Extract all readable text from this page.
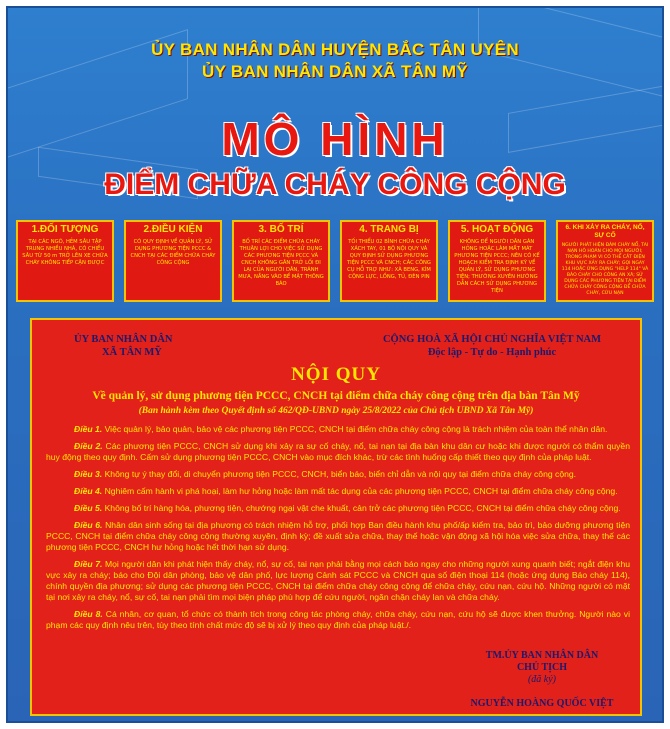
ỦY BAN NHÂN DÂN HUYỆN BẮC TÂN UYÊN
ỦY BAN NHÂN DÂN XÃ TÂN MỸ
MÔ HÌNH
ĐIỂM CHỮA CHÁY CÔNG CỘNG
1.ĐỐI TƯỢNG
TẠI CÁC NGÕ, HẺM SÂU TẬP TRUNG NHIỀU NHÀ, CÓ CHIỀU SÂU TỪ 50 m TRỞ LÊN XE CHỮA CHÁY KHÔNG TIẾP CẬN ĐƯỢC
2.ĐIỀU KIỆN
CÓ QUY ĐỊNH VỀ QUẢN LÝ, SỬ DỤNG PHƯƠNG TIỆN PCCC & CNCH TẠI CÁC ĐIỂM CHỮA CHÁY CÔNG CỘNG
3. BỐ TRÍ
BỐ TRÍ CÁC ĐIỂM CHỮA CHÁY THUẬN LỢI CHO VIỆC SỬ DỤNG CÁC PHƯƠNG TIỆN PCCC VÀ CNCH KHÔNG GÂN TRỞ LỐI ĐI LẠI CỦA NGƯỜI DÂN, TRÁNH MƯA, NẮNG VÀO BỂ MẶT THÔNG BÁO
4. TRANG BỊ
TỐI THIỂU 02 BÌNH CHỮA CHÁY XÁCH TAY, 01 BỘ NỘI QUY VÀ QUY ĐỊNH SỬ DỤNG PHƯƠNG TIỆN PCCC VÀ CNCH; CÁC CÔNG CỤ HỖ TRỢ NHƯ: XÀ BENG, KÌM CỘNG LỰC, LỒNG, TỦ, ĐÈN PIN
5. HOẠT ĐỘNG
KHÔNG ĐỂ NGƯỜI DÂN GÁN HỎNG HOẶC LÀM MẤT MÁT PHƯƠNG TIỆN PCCC; NÊN CÓ KẾ HOẠCH KIỂM TRA ĐỊNH KỲ VỀ QUẢN LÝ, SỬ DỤNG PHƯƠNG TIỆN; THƯỜNG XUYÊN HƯỚNG DẪN CÁCH SỬ DỤNG PHƯƠNG TIỆN
6. KHI XẢY RA CHÁY, NỔ, SỰ CỐ
NGƯỜI PHÁT HIỆN ĐÁM CHÁY NỔ, TAI NẠN HÔ HOÁN CHO MỌI NGƯỜI; TRONG PHẠM VI CÓ THỂ CẮT ĐIỆN KHU VỰC XẢY RA CHÁY; GỌI NGAY 114 HOẶC ỨNG DỤNG "HELP 114" VÀ BÁO CHÁY CHO CÔNG AN XÃ; SỬ DỤNG CÁC PHƯƠNG TIỆN TẠI ĐIỂM CHỮA CHÁY CÔNG CỘNG ĐỂ CHỮA CHÁY, CỨU NẠN
ỦY BAN NHÂN DÂN
XÃ TÂN MỸ
CỘNG HOÀ XÃ HỘI CHỦ NGHĨA VIỆT NAM
Độc lập - Tự do - Hạnh phúc
NỘI QUY
Về quản lý, sử dụng phương tiện PCCC, CNCH tại điểm chữa cháy công cộng trên địa bàn Tân Mỹ
(Ban hành kèm theo Quyết định số 462/QĐ-UBND ngày 25/8/2022 của Chủ tịch UBND Xã Tân Mỹ)

Điều 1. Việc quản lý, bảo quản, bảo vệ các phương tiện PCCC, CNCH tại điểm chữa cháy công cộng là trách nhiệm của toàn thể nhân dân.

Điều 2. Các phương tiện PCCC, CNCH sử dụng khi xảy ra sự cố cháy, nổ, tai nạn tại địa bàn khu dân cư hoặc khi được người có thẩm quyền huy động theo quy định. Cấm sử dụng phương tiện PCCC, CNCH vào mục đích khác, trừ các tình huống cấp thiết theo quy định của pháp luật.

Điều 3. Không tự ý thay đổi, di chuyển phương tiện PCCC, CNCH, biển báo, biển chỉ dẫn và nội quy tại điểm chữa cháy công cộng.

Điều 4. Nghiêm cấm hành vi phá hoại, làm hư hỏng hoặc làm mất tác dụng của các phương tiện PCCC, CNCH tại điểm chữa cháy công cộng.

Điều 5. Không bố trí hàng hóa, phương tiện, chướng ngại vật che khuất, cản trở các phương tiện PCCC, CNCH tại điểm chữa cháy công cộng.

Điều 6. Nhân dân sinh sống tại địa phương có trách nhiệm hỗ trợ, phối hợp Ban điều hành khu phố/ấp kiểm tra, bảo trì, bảo dưỡng phương tiện PCCC, CNCH tại điểm chữa cháy công cộng thường xuyên, định kỳ; đề xuất sửa chữa, thay thế hoặc vận động xã hội hóa việc sửa chữa, thay thế các phương tiện PCCC, CNCH hư hỏng hoặc hết thời hạn sử dụng.

Điều 7. Mọi người dân khi phát hiện thấy cháy, nổ, sự cố, tai nạn phải bằng mọi cách báo ngay cho những người xung quanh biết; ngắt điện khu vực xảy ra cháy; báo cho Đội dân phòng, bảo vệ dân phố, lực lượng Cảnh sát PCCC và CNCH qua số điện thoại 114 (hoặc ứng dụng Báo cháy 114), chính quyền địa phương; sử dụng các phương tiện PCCC, CNCH tại điểm chữa cháy công cộng để chữa cháy, cứu nạn, cứu hộ. Những người có mặt tại nơi xảy ra cháy, nổ, sự cố, tai nạn phải tìm mọi biện pháp phù hợp để cứu người, ngăn chặn cháy lan và chữa cháy.

Điều 8. Cá nhân, cơ quan, tổ chức có thành tích trong công tác phòng cháy, chữa cháy, cứu nạn, cứu hộ sẽ được khen thưởng. Người nào vi phạm các quy định nêu trên, tùy theo tính chất mức độ sẽ bị xử lý theo quy định của pháp luật./.

TM.ỦY BAN NHÂN DÂN
CHỦ TỊCH
(đã ký)
NGUYỄN HOÀNG QUỐC VIỆT
